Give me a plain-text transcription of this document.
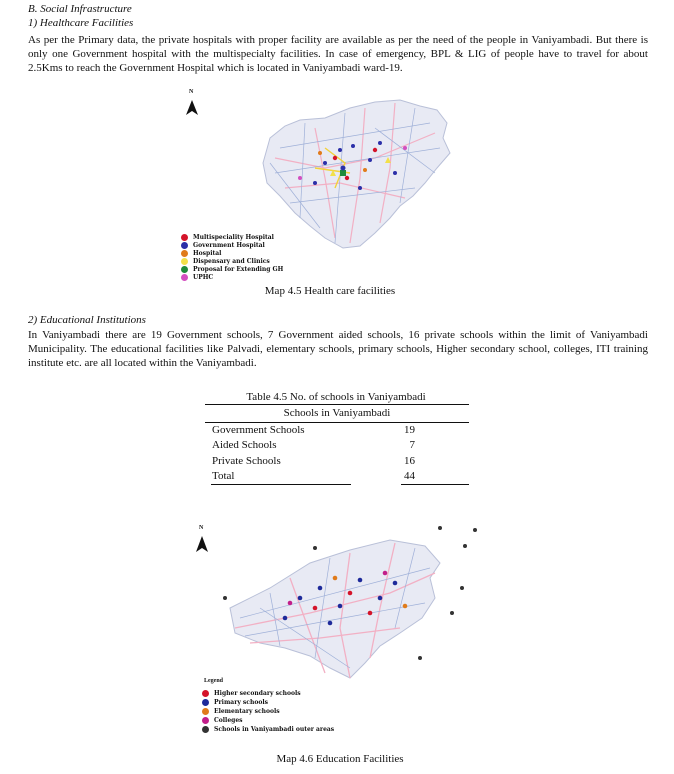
B. Social Infrastructure
1) Healthcare Facilities
As per the Primary data, the private hospitals with proper facility are available as per the need of the people in Vaniyambadi. But there is only one Government hospital with the multispecialty facilities. In case of emergency, BPL & LIG of people have to travel for about 2.5Kms to reach the Government Hospital which is located in Vaniyambadi ward-19.
Multispeciality Hospital
Government Hospital
Hospital
Dispensary and Clinics
Proposal for Extending GH
UPHC
N
Map 4.5 Health care facilities
2) Educational Institutions
In Vaniyambadi there are 19 Government schools, 7 Government aided schools, 16 private schools within the limit of Vaniyambadi Municipality. The educational facilities like Palvadi, elementary schools, primary schools, Higher secondary school, colleges, ITI training institute etc. are all located within the Vaniyambadi.
Table 4.5 No. of schools in Vaniyambadi
Schools in Vaniyambadi
Government Schools	19
Aided Schools	7
Private Schools	16
Total	44
Legend
Higher secondary schools
Primary schools
Elementary schools
Colleges
Schools in Vaniyambadi outer areas
N
Map 4.6 Education Facilities
